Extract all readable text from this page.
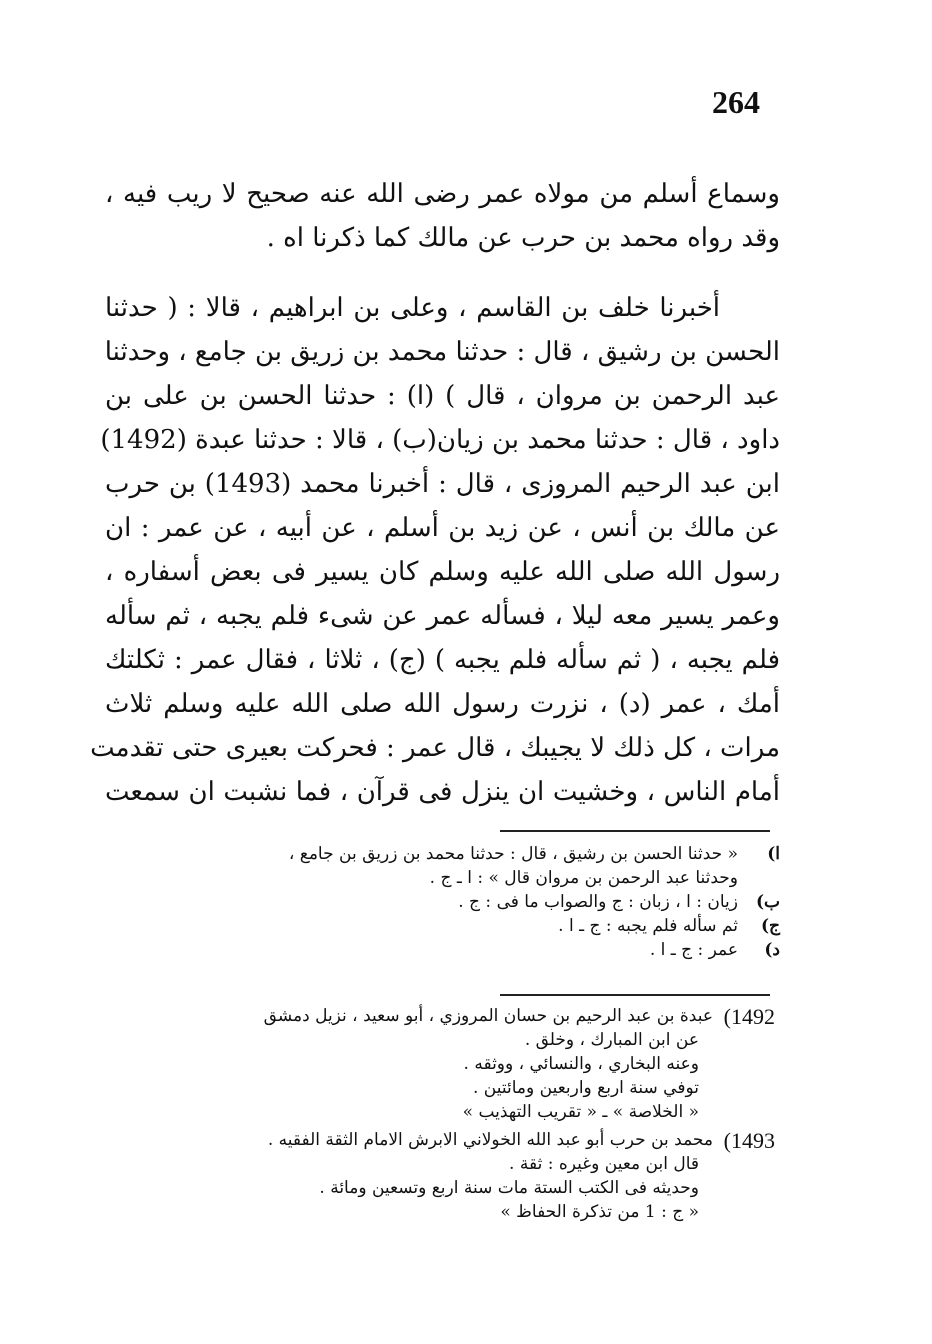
264

وسماع أسلم من مولاه عمر رضى الله عنه صحيح لا ريب فيه ،
وقد رواه محمد بن حرب عن مالك كما ذكرنا اه .

أخبرنا خلف بن القاسم ، وعلى بن ابراهيم ، قالا : ( حدثنا
الحسن بن رشيق ، قال : حدثنا محمد بن زريق بن جامع ، وحدثنا
عبد الرحمن بن مروان ، قال ) (ا) : حدثنا الحسن بن على بن
داود ، قال : حدثنا محمد بن زيان(ب) ، قالا : حدثنا عبدة (1492)
ابن عبد الرحيم المروزى ، قال : أخبرنا محمد (1493) بن حرب
عن مالك بن أنس ، عن زيد بن أسلم ، عن أبيه ، عن عمر : ان
رسول الله صلى الله عليه وسلم كان يسير فى بعض أسفاره ،
وعمر يسير معه ليلا ، فسأله عمر عن شىء فلم يجبه ، ثم سأله
فلم يجبه ، ( ثم سأله فلم يجبه ) (ج) ، ثلاثا ، فقال عمر : ثكلتك
أمك ، عمر (د) ، نزرت رسول الله صلى الله عليه وسلم ثلاث
مرات ، كل ذلك لا يجيبك ، قال عمر : فحركت بعيرى حتى تقدمت
أمام الناس ، وخشيت ان ينزل فى قرآن ، فما نشبت ان سمعت

ا)
« حدثنا الحسن بن رشيق ، قال : حدثنا محمد بن زريق بن جامع ،
وحدثنا عبد الرحمن بن مروان قال » : ا ـ ج .
ب)
زيان : ا ، زبان : ج والصواب ما فى : ج .
ج)
ثم سأله فلم يجبه : ج ـ ا .
د)
عمر : ج ـ ا .
1492)
عبدة بن عبد الرحيم بن حسان المروزي ، أبو سعيد ، نزيل دمشق
عن ابن المبارك ، وخلق .
وعنه البخاري ، والنسائي ، ووثقه .
توفي سنة اربع واربعين ومائتين .
« الخلاصة » ـ « تقريب التهذيب »
1493)
محمد بن حرب أبو عبد الله الخولاني الابرش الامام الثقة الفقيه .
قال ابن معين وغيره : ثقة .
وحديثه فى الكتب الستة مات سنة اربع وتسعين ومائة .
« ج : 1 من تذكرة الحفاظ »
